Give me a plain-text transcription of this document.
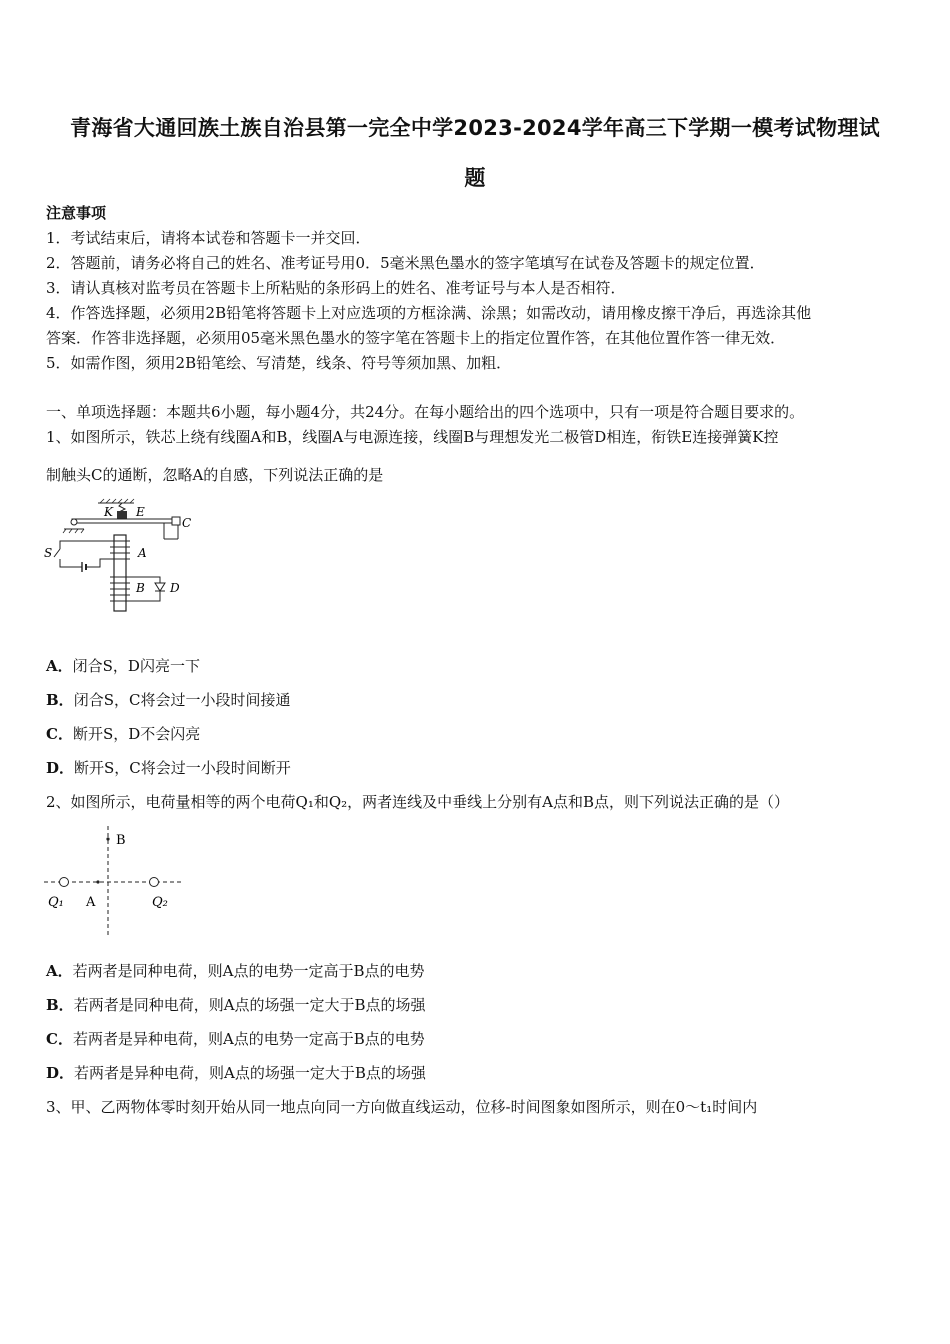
青海省大通回族土族自治县第一完全中学2023-2024学年高三下学期一模考试物理试
题
注意事项
1．考试结束后，请将本试卷和答题卡一并交回．
2．答题前，请务必将自己的姓名、准考证号用0．5毫米黑色墨水的签字笔填写在试卷及答题卡的规定位置．
3．请认真核对监考员在答题卡上所粘贴的条形码上的姓名、准考证号与本人是否相符．
4．作答选择题，必须用2B铅笔将答题卡上对应选项的方框涂满、涂黑；如需改动，请用橡皮擦干净后，再选涂其他
答案．作答非选择题，必须用05毫米黑色墨水的签字笔在答题卡上的指定位置作答，在其他位置作答一律无效．
5．如需作图，须用2B铅笔绘、写清楚，线条、符号等须加黑、加粗．
一、单项选择题：本题共6小题，每小题4分，共24分。在每小题给出的四个选项中，只有一项是符合题目要求的。
1、如图所示，铁芯上绕有线圈A和B，线圈A与电源连接，线圈B与理想发光二极管D相连，衔铁E连接弹簧K控
制触头C的通断，忽略A的自感，下列说法正确的是
K E
C
S	A
B D
A．闭合S，D闪亮一下
B．闭合S，C将会过一小段时间接通
C．断开S，D不会闪亮
D．断开S，C将会过一小段时间断开
2、如图所示，电荷量相等的两个电荷Q₁和Q₂，两者连线及中垂线上分别有A点和B点，则下列说法正确的是（）
B
A
Q₁	Q₂
A．若两者是同种电荷，则A点的电势一定高于B点的电势
B．若两者是同种电荷，则A点的场强一定大于B点的场强
C．若两者是异种电荷，则A点的电势一定高于B点的电势
D．若两者是异种电荷，则A点的场强一定大于B点的场强
3、甲、乙两物体零时刻开始从同一地点向同一方向做直线运动，位移-时间图象如图所示，则在0～t₁时间内
